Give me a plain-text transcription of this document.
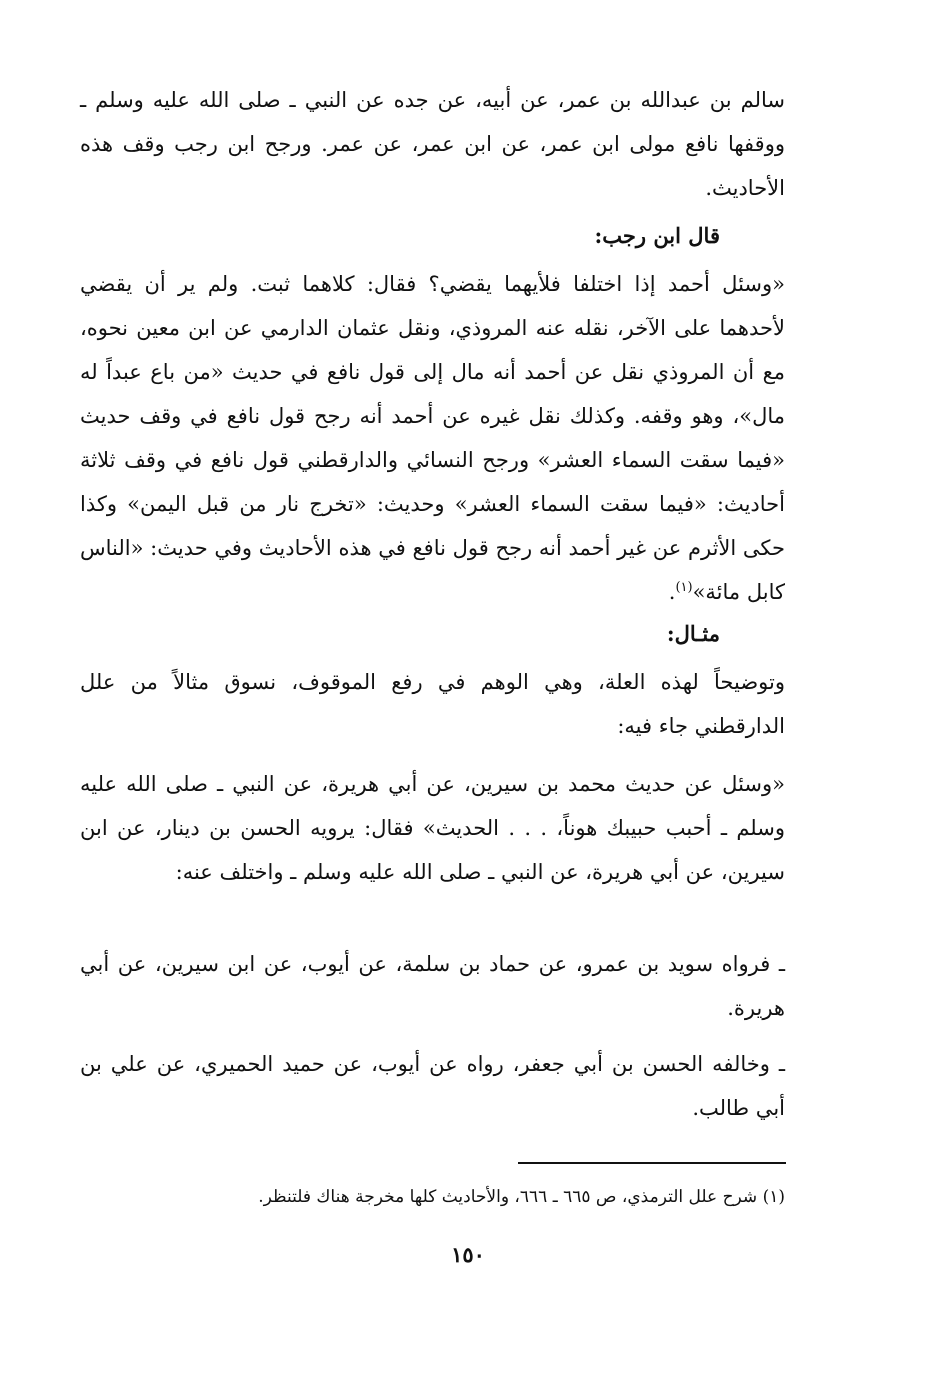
سالم بن عبدالله بن عمر، عن أبيه، عن جده عن النبي ـ صلى الله عليه وسلم ـ ووقفها نافع مولى ابن عمر، عن ابن عمر، عن عمر. ورجح ابن رجب وقف هذه الأحاديث.
قال ابن رجب:
«وسئل أحمد إذا اختلفا فلأيهما يقضي؟ فقال: كلاهما ثبت. ولم ير أن يقضي لأحدهما على الآخر، نقله عنه المروذي، ونقل عثمان الدارمي عن ابن معين نحوه، مع أن المروذي نقل عن أحمد أنه مال إلى قول نافع في حديث «من باع عبداً له مال»، وهو وقفه. وكذلك نقل غيره عن أحمد أنه رجح قول نافع في وقف حديث «فيما سقت السماء العشر» ورجح النسائي والدارقطني قول نافع في وقف ثلاثة أحاديث: «فيما سقت السماء العشر» وحديث: «تخرج نار من قبل اليمن» وكذا حكى الأثرم عن غير أحمد أنه رجح قول نافع في هذه الأحاديث وفي حديث: «الناس كابل مائة»$^{(١)}$.
مثـال:
وتوضيحاً لهذه العلة، وهي الوهم في رفع الموقوف، نسوق مثالاً من علل الدارقطني جاء فيه:
«وسئل عن حديث محمد بن سيرين، عن أبي هريرة، عن النبي ـ صلى الله عليه وسلم ـ أحبب حبيبك هوناً، . . . الحديث» فقال: يرويه الحسن بن دينار، عن ابن سيرين، عن أبي هريرة، عن النبي ـ صلى الله عليه وسلم ـ واختلف عنه:
ـ فرواه سويد بن عمرو، عن حماد بن سلمة، عن أيوب، عن ابن سيرين، عن أبي هريرة.
ـ وخالفه الحسن بن أبي جعفر، رواه عن أيوب، عن حميد الحميري، عن علي بن أبي طالب.
(١) شرح علل الترمذي، ص ٦٦٥ ـ ٦٦٦، والأحاديث كلها مخرجة هناك فلتنظر.
١٥٠
